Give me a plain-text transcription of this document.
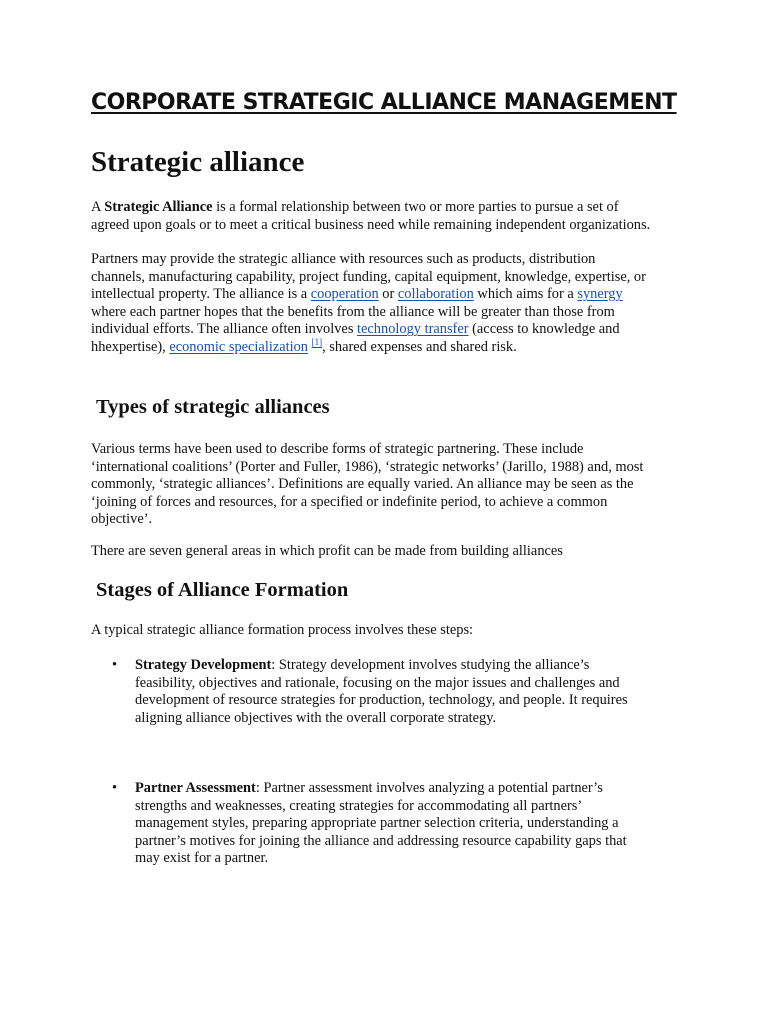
CORPORATE STRATEGIC ALLIANCE MANAGEMENT
Strategic alliance

A Strategic Alliance is a formal relationship between two or more parties to pursue a set of
agreed upon goals or to meet a critical business need while remaining independent organizations.

Partners may provide the strategic alliance with resources such as products, distribution
channels, manufacturing capability, project funding, capital equipment, knowledge, expertise, or
intellectual property. The alliance is a cooperation or collaboration which aims for a synergy
where each partner hopes that the benefits from the alliance will be greater than those from
individual efforts. The alliance often involves technology transfer (access to knowledge and
hhexpertise), economic specialization [1], shared expenses and shared risk.

Types of strategic alliances

Various terms have been used to describe forms of strategic partnering. These include
‘international coalitions’ (Porter and Fuller, 1986), ‘strategic networks’ (Jarillo, 1988) and, most
commonly, ‘strategic alliances’. Definitions are equally varied. An alliance may be seen as the
‘joining of forces and resources, for a specified or indefinite period, to achieve a common
objective’.

There are seven general areas in which profit can be made from building alliances

Stages of Alliance Formation

A typical strategic alliance formation process involves these steps:

• Strategy Development: Strategy development involves studying the alliance’s
feasibility, objectives and rationale, focusing on the major issues and challenges and
development of resource strategies for production, technology, and people. It requires
aligning alliance objectives with the overall corporate strategy.

• Partner Assessment: Partner assessment involves analyzing a potential partner’s
strengths and weaknesses, creating strategies for accommodating all partners’
management styles, preparing appropriate partner selection criteria, understanding a
partner’s motives for joining the alliance and addressing resource capability gaps that
may exist for a partner.
